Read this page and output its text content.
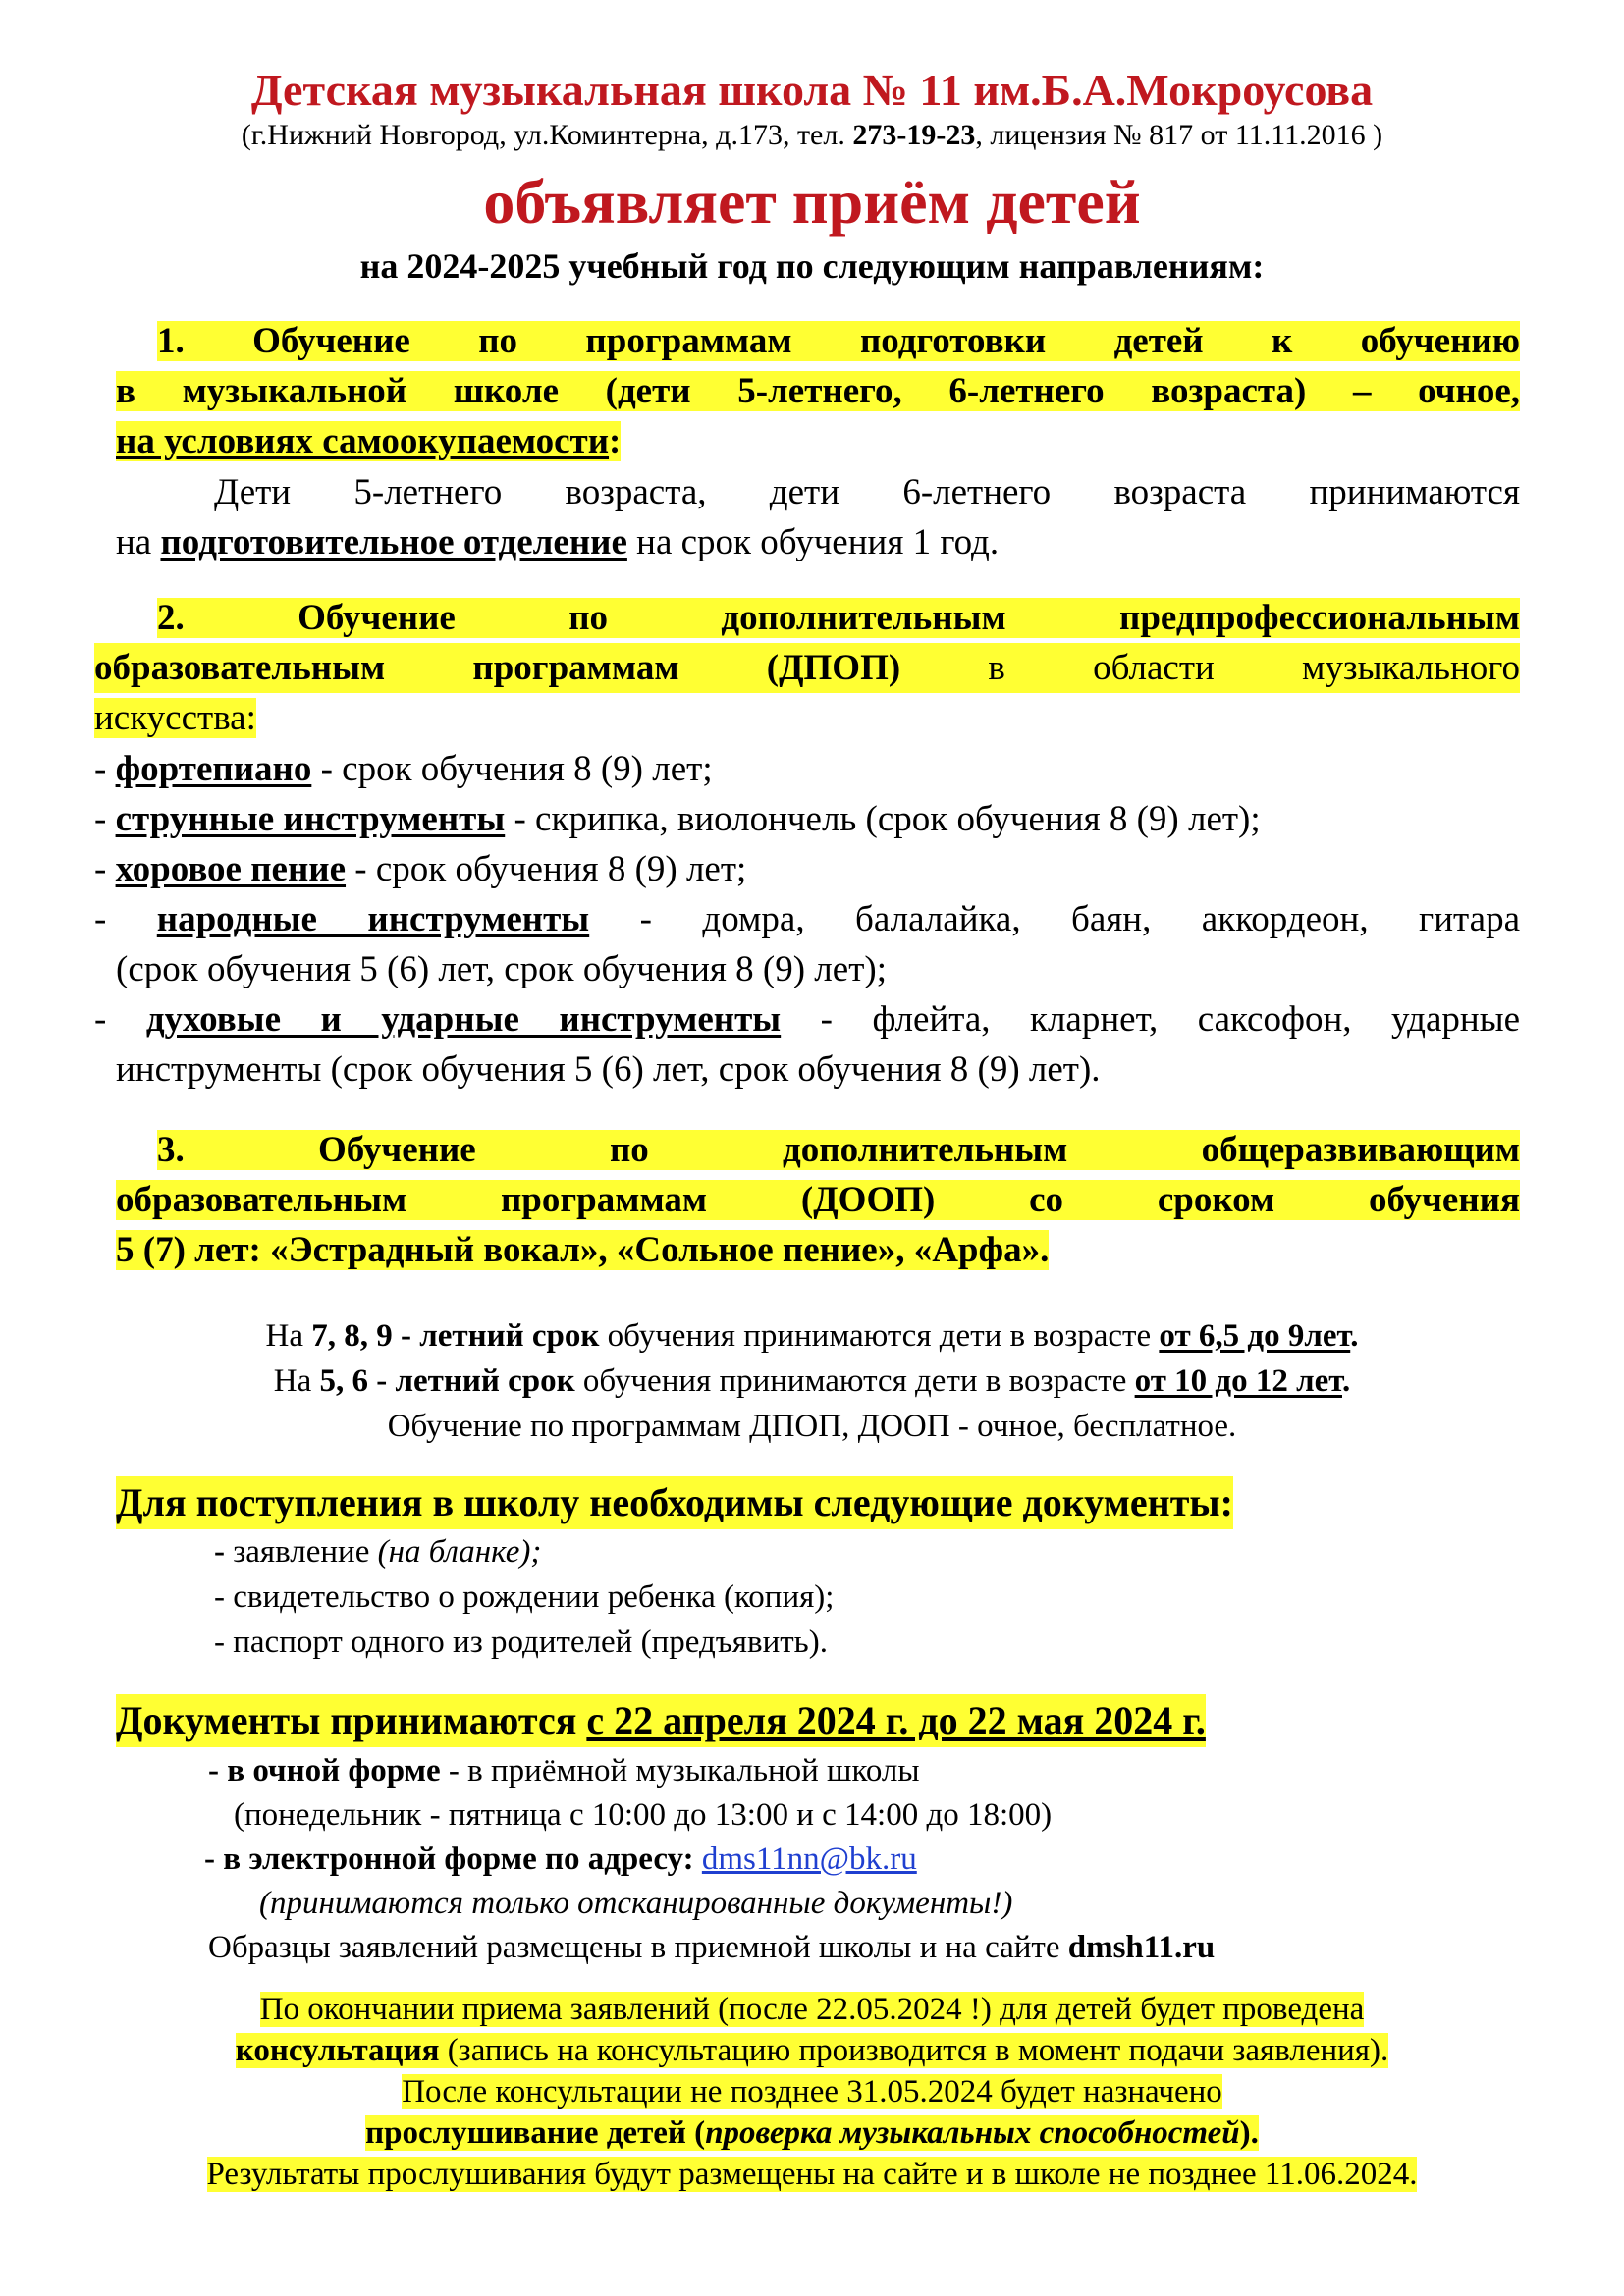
Детская музыкальная школа № 11 им.Б.А.Мокроусова
(г.Нижний Новгород, ул.Коминтерна, д.173, тел. 273-19-23, лицензия № 817 от 11.11.2016 )
объявляет приём детей
на 2024-2025 учебный год по следующим направлениям:
1. Обучение по программам подготовки детей к обучению
в музыкальной школе (дети 5-летнего, 6-летнего возраста) – очное,
на условиях самоокупаемости:
Дети 5-летнего возраста, дети 6-летнего возраста принимаются
на подготовительное отделение на срок обучения 1 год.
2. Обучение по дополнительным предпрофессиональным
образовательным программам (ДПОП) в области музыкального
искусства:
- фортепиано - срок обучения 8 (9) лет;
- струнные инструменты - скрипка, виолончель (срок обучения 8 (9) лет);
- хоровое пение - срок обучения 8 (9) лет;
- народные инструменты - домра, балалайка, баян, аккордеон, гитара
(срок обучения 5 (6) лет, срок обучения 8 (9) лет);
- духовые и ударные инструменты - флейта, кларнет, саксофон, ударные
инструменты (срок обучения 5 (6) лет, срок обучения 8 (9) лет).
3. Обучение по дополнительным общеразвивающим
образовательным программам (ДООП) со сроком обучения
5 (7) лет: «Эстрадный вокал», «Сольное пение», «Арфа».
На 7, 8, 9 - летний срок обучения принимаются дети в возрасте от 6,5 до 9лет.
На 5, 6 - летний срок обучения принимаются дети в возрасте от 10 до 12 лет.
Обучение по программам ДПОП, ДООП - очное, бесплатное.
Для поступления в школу необходимы следующие документы:
- заявление (на бланке);
- свидетельство о рождении ребенка (копия);
- паспорт одного из родителей (предъявить).
Документы принимаются с 22 апреля 2024 г. до 22 мая 2024 г.
- в очной форме - в приёмной музыкальной школы
(понедельник - пятница с 10:00 до 13:00 и с 14:00 до 18:00)
- в электронной форме по адресу: dms11nn@bk.ru
(принимаются только отсканированные документы!)
Образцы заявлений размещены в приемной школы и на сайте dmsh11.ru
По окончании приема заявлений (после 22.05.2024 !) для детей будет проведена
консультация (запись на консультацию производится в момент подачи заявления).
После консультации не позднее 31.05.2024 будет назначено
прослушивание детей (проверка музыкальных способностей).
Результаты прослушивания будут размещены на сайте и в школе не позднее 11.06.2024.
